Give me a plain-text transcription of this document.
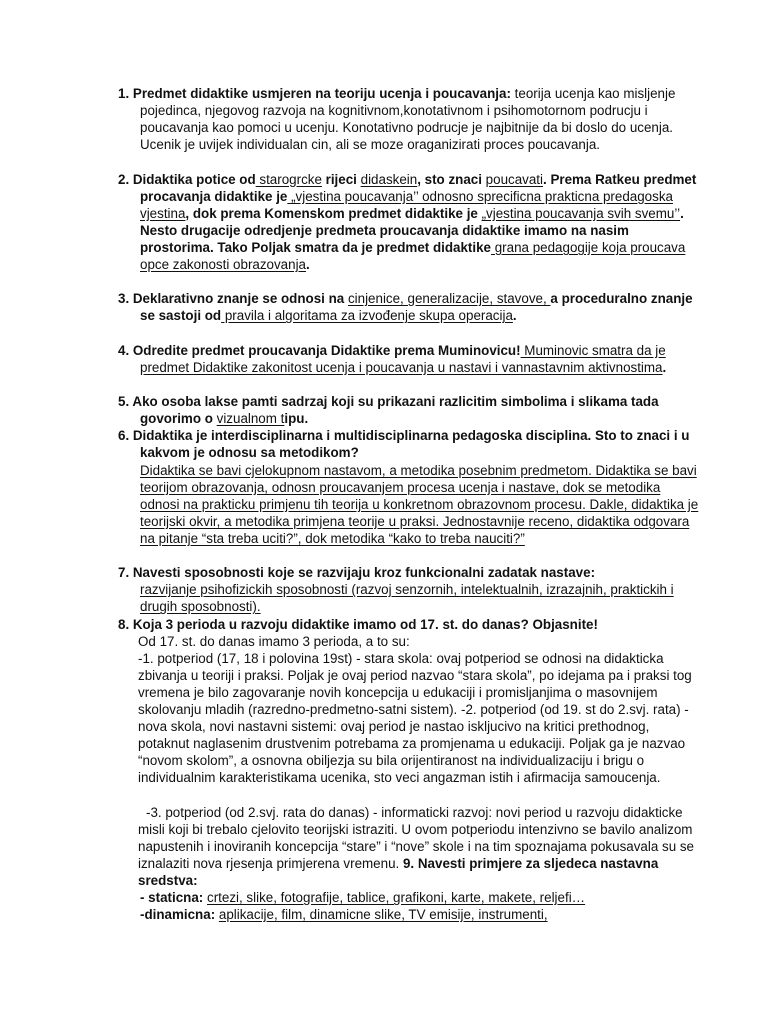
1. Predmet didaktike usmjeren na teoriju ucenja i poucavanja: teorija ucenja kao misljenje pojedinca, njegovog razvoja na kognitivnom,konotativnom i psihomotornom podrucju i poucavanja kao pomoci u ucenju. Konotativno podrucje je najbitnije da bi doslo do ucenja. Ucenik je uvijek individualan cin, ali se moze oraganizirati proces poucavanja.
2. Didaktika potice od starogrcke rijeci didaskein, sto znaci poucavati. Prema Ratkeu predmet procavanja didaktike je „vjestina poucavanja’’ odnosno sprecificna prakticna predagoska vjestina, dok prema Komenskom predmet didaktike je „vjestina poucavanja svih svemu’’. Nesto drugacije odredjenje predmeta proucavanja didaktike imamo na nasim prostorima. Tako Poljak smatra da je predmet didaktike grana pedagogije koja proucava opce zakonosti obrazovanja.
3. Deklarativno znanje se odnosi na cinjenice, generalizacije, stavove, a proceduralno znanje se sastoji od pravila i algoritama za izvođenje skupa operacija.
4. Odredite predmet proucavanja Didaktike prema Muminovicu! Muminovic smatra da je predmet Didaktike zakonitost ucenja i poucavanja u nastavi i vannastavnim aktivnostima.
5. Ako osoba lakse pamti sadrzaj koji su prikazani razlicitim simbolima i slikama tada govorimo o vizualnom tipu.
6. Didaktika je interdisciplinarna i multidisciplinarna pedagoska disciplina. Sto to znaci i u kakvom je odnosu sa metodikom?
Didaktika se bavi cjelokupnom nastavom, a metodika posebnim predmetom. Didaktika se bavi teorijom obrazovanja, odnosn proucavanjem procesa ucenja i nastave, dok se metodika odnosi na prakticku primjenu tih teorija u konkretnom obrazovnom procesu. Dakle, didaktika je teorijski okvir, a metodika primjena teorije u praksi. Jednostavnije receno, didaktika odgovara na pitanje “sta treba uciti?”, dok metodika “kako to treba nauciti?”
7. Navesti sposobnosti koje se razvijaju kroz funkcionalni zadatak nastave:
razvijanje psihofizickih sposobnosti (razvoj senzornih, intelektualnih, izrazajnih, praktickih i drugih sposobnosti).
8. Koja 3 perioda u razvoju didaktike imamo od 17. st. do danas? Objasnite!
Od 17. st. do danas imamo 3 perioda, a to su:
-1. potperiod (17, 18 i polovina 19st) - stara skola: ovaj potperiod se odnosi na didakticka zbivanja u teoriji i praksi. Poljak je ovaj period nazvao “stara skola”, po idejama pa i praksi tog vremena je bilo zagovaranje novih koncepcija u edukaciji i promisljanjima o masovnijem skolovanju mladih (razredno-predmetno-satni sistem). -2. potperiod (od 19. st do 2.svj. rata) - nova skola, novi nastavni sistemi: ovaj period je nastao iskljucivo na kritici prethodnog, potaknut naglasenim drustvenim potrebama za promjenama u edukaciji. Poljak ga je nazvao “novom skolom”, a osnovna obiljezja su bila orijentiranost na individualizaciju i brigu o individualnim karakteristikama ucenika, sto veci angazman istih i afirmacija samoucenja.
-3. potperiod (od 2.svj. rata do danas) - informaticki razvoj: novi period u razvoju didakticke misli koji bi trebalo cjelovito teorijski istraziti. U ovom potperiodu intenzivno se bavilo analizom napustenih i inoviranih koncepcija “stare” i “nove” skole i na tim spoznajama pokusavala su se iznalaziti nova rjesenja primjerena vremenu. 9. Navesti primjere za sljedeca nastavna sredstva:
- staticna: crtezi, slike, fotografije, tablice, grafikoni, karte, makete, reljefi…
-dinamicna: aplikacije, film, dinamicne slike, TV emisije, instrumenti,
